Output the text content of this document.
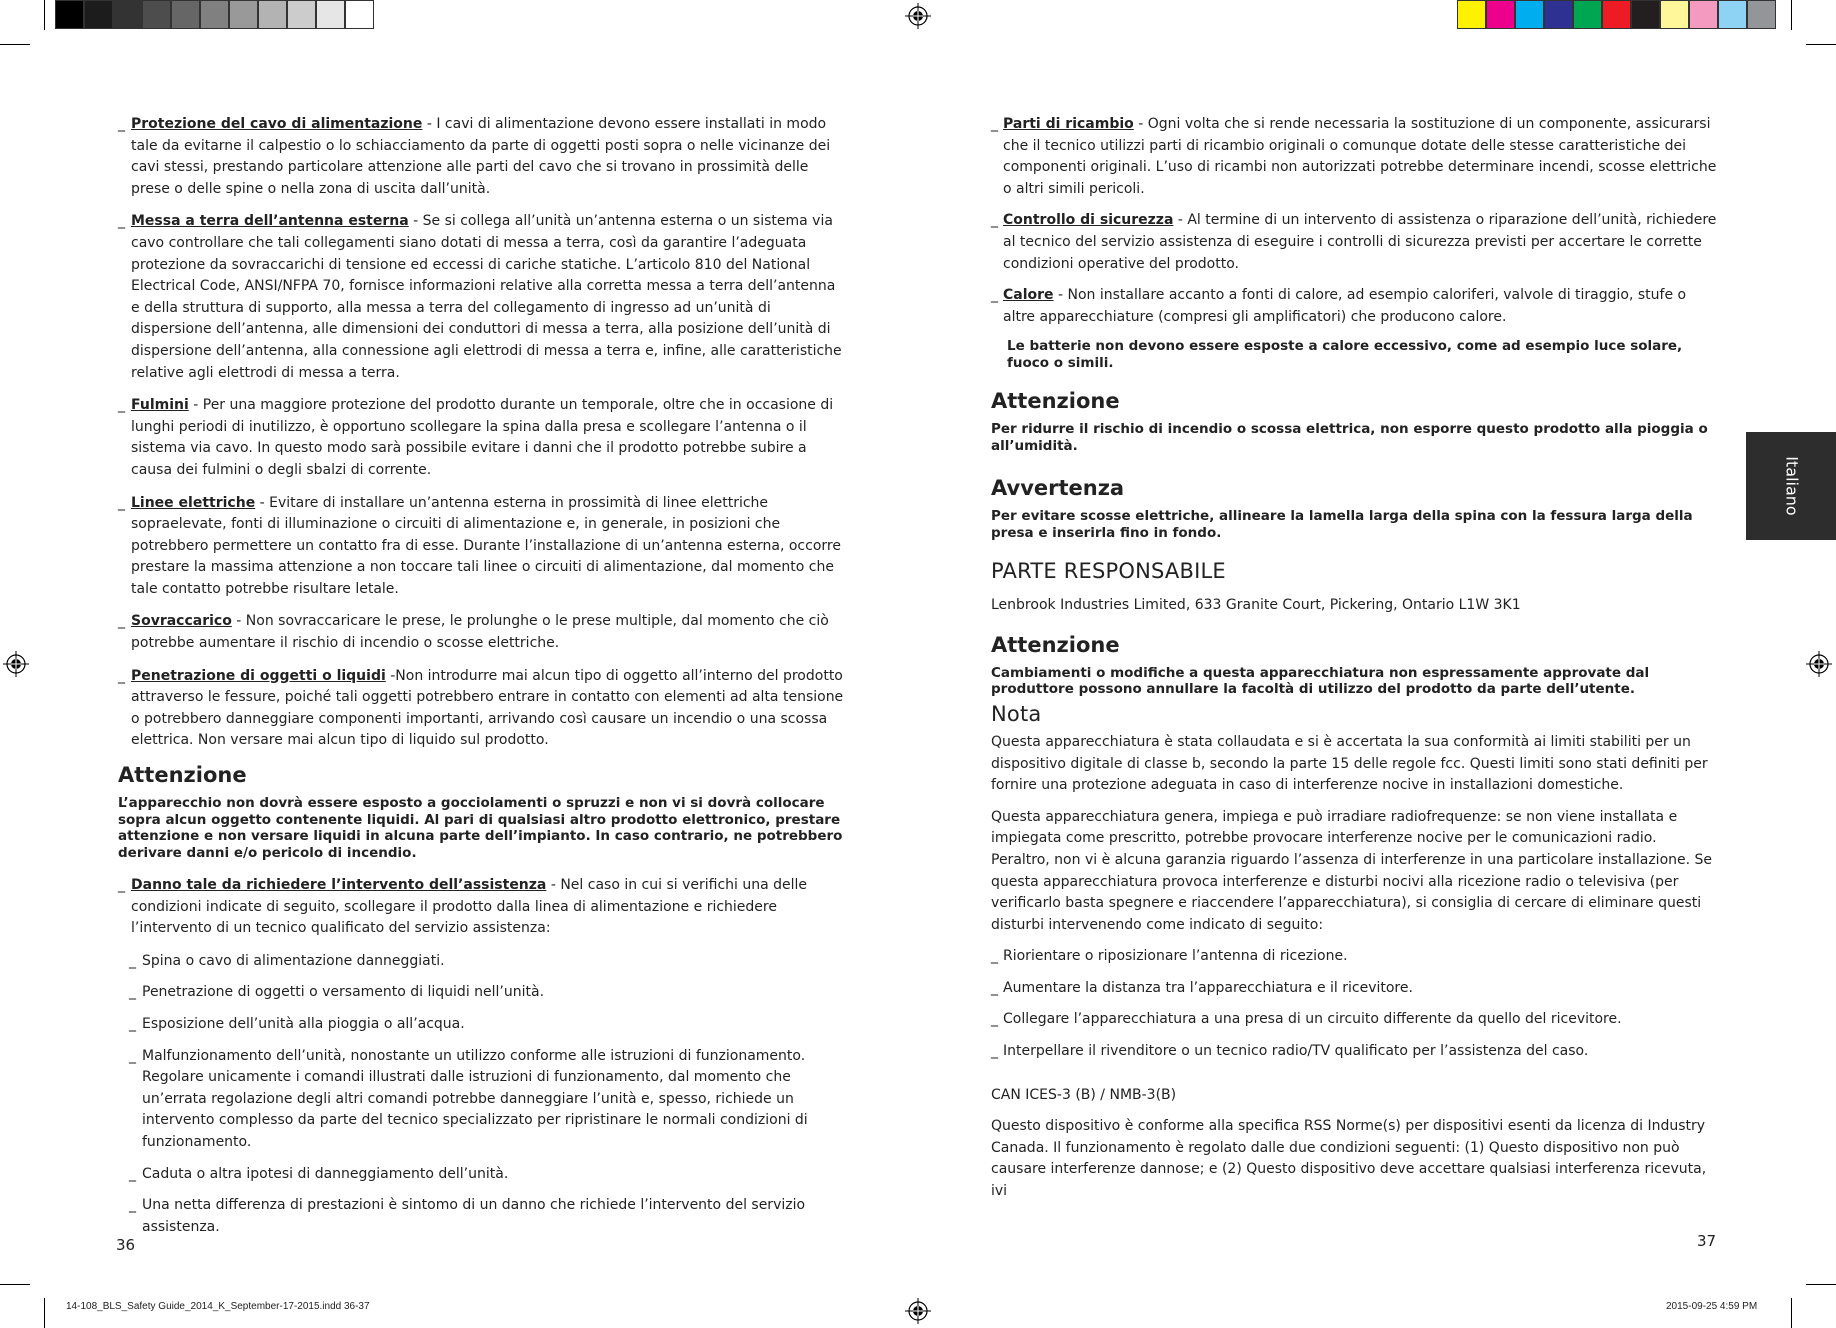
_ Protezione del cavo di alimentazione - I cavi di alimentazione devono essere installati in modo tale da evitarne il calpestio o lo schiacciamento da parte di oggetti posti sopra o nelle vicinanze dei cavi stessi, prestando particolare attenzione alle parti del cavo che si trovano in prossimità delle prese o delle spine o nella zona di uscita dall’unità.

_ Messa a terra dell’antenna esterna - Se si collega all’unità un’antenna esterna o un sistema via cavo controllare che tali collegamenti siano dotati di messa a terra, così da garantire l’adeguata protezione da sovraccarichi di tensione ed eccessi di cariche statiche. L’articolo 810 del National Electrical Code, ANSI/NFPA 70, fornisce informazioni relative alla corretta messa a terra dell’antenna e della struttura di supporto, alla messa a terra del collegamento di ingresso ad un’unità di dispersione dell’antenna, alle dimensioni dei conduttori di messa a terra, alla posizione dell’unità di dispersione dell’antenna, alla connessione agli elettrodi di messa a terra e, infine, alle caratteristiche relative agli elettrodi di messa a terra.

_ Fulmini - Per una maggiore protezione del prodotto durante un temporale, oltre che in occasione di lunghi periodi di inutilizzo, è opportuno scollegare la spina dalla presa e scollegare l’antenna o il sistema via cavo. In questo modo sarà possibile evitare i danni che il prodotto potrebbe subire a causa dei fulmini o degli sbalzi di corrente.

_ Linee elettriche - Evitare di installare un’antenna esterna in prossimità di linee elettriche sopraelevate, fonti di illuminazione o circuiti di alimentazione e, in generale, in posizioni che potrebbero permettere un contatto fra di esse. Durante l’installazione di un’antenna esterna, occorre prestare la massima attenzione a non toccare tali linee o circuiti di alimentazione, dal momento che tale contatto potrebbe risultare letale.

_ Sovraccarico - Non sovraccaricare le prese, le prolunghe o le prese multiple, dal momento che ciò potrebbe aumentare il rischio di incendio o scosse elettriche.

_ Penetrazione di oggetti o liquidi -Non introdurre mai alcun tipo di oggetto all’interno del prodotto attraverso le fessure, poiché tali oggetti potrebbero entrare in contatto con elementi ad alta tensione o potrebbero danneggiare componenti importanti, arrivando così causare un incendio o una scossa elettrica. Non versare mai alcun tipo di liquido sul prodotto.

Attenzione

L’apparecchio non dovrà essere esposto a gocciolamenti o spruzzi e non vi si dovrà collocare sopra alcun oggetto contenente liquidi. Al pari di qualsiasi altro prodotto elettronico, prestare attenzione e non versare liquidi in alcuna parte dell’impianto. In caso contrario, ne potrebbero derivare danni e/o pericolo di incendio.

_ Danno tale da richiedere l’intervento dell’assistenza - Nel caso in cui si verifichi una delle condizioni indicate di seguito, scollegare il prodotto dalla linea di alimentazione e richiedere l’intervento di un tecnico qualificato del servizio assistenza:

_ Spina o cavo di alimentazione danneggiati.

_ Penetrazione di oggetti o versamento di liquidi nell’unità.

_ Esposizione dell’unità alla pioggia o all’acqua.

_ Malfunzionamento dell’unità, nonostante un utilizzo conforme alle istruzioni di funzionamento. Regolare unicamente i comandi illustrati dalle istruzioni di funzionamento, dal momento che un’errata regolazione degli altri comandi potrebbe danneggiare l’unità e, spesso, richiede un intervento complesso da parte del tecnico specializzato per ripristinare le normali condizioni di funzionamento.

_ Caduta o altra ipotesi di danneggiamento dell’unità.

_ Una netta differenza di prestazioni è sintomo di un danno che richiede l’intervento del servizio assistenza.

36

_ Parti di ricambio - Ogni volta che si rende necessaria la sostituzione di un componente, assicurarsi che il tecnico utilizzi parti di ricambio originali o comunque dotate delle stesse caratteristiche dei componenti originali. L’uso di ricambi non autorizzati potrebbe determinare incendi, scosse elettriche o altri simili pericoli.

_ Controllo di sicurezza - Al termine di un intervento di assistenza o riparazione dell’unità, richiedere al tecnico del servizio assistenza di eseguire i controlli di sicurezza previsti per accertare le corrette condizioni operative del prodotto.

_ Calore - Non installare accanto a fonti di calore, ad esempio caloriferi, valvole di tiraggio, stufe o altre apparecchiature (compresi gli amplificatori) che producono calore.

Le batterie non devono essere esposte a calore eccessivo, come ad esempio luce solare, fuoco o simili.

Attenzione

Per ridurre il rischio di incendio o scossa elettrica, non esporre questo prodotto alla pioggia o all’umidità.

Avvertenza

Per evitare scosse elettriche, allineare la lamella larga della spina con la fessura larga della presa e inserirla fino in fondo.

PARTE RESPONSABILE

Lenbrook Industries Limited, 633 Granite Court, Pickering, Ontario L1W 3K1

Attenzione

Cambiamenti o modifiche a questa apparecchiatura non espressamente approvate dal produttore possono annullare la facoltà di utilizzo del prodotto da parte dell’utente.

Nota

Questa apparecchiatura è stata collaudata e si è accertata la sua conformità ai limiti stabiliti per un dispositivo digitale di classe b, secondo la parte 15 delle regole fcc. Questi limiti sono stati definiti per fornire una protezione adeguata in caso di interferenze nocive in installazioni domestiche.

Questa apparecchiatura genera, impiega e può irradiare radiofrequenze: se non viene installata e impiegata come prescritto, potrebbe provocare interferenze nocive per le comunicazioni radio. Peraltro, non vi è alcuna garanzia riguardo l’assenza di interferenze in una particolare installazione. Se questa apparecchiatura provoca interferenze e disturbi nocivi alla ricezione radio o televisiva (per verificarlo basta spegnere e riaccendere l’apparecchiatura), si consiglia di cercare di eliminare questi disturbi intervenendo come indicato di seguito:

_ Riorientare o riposizionare l’antenna di ricezione.

_ Aumentare la distanza tra l’apparecchiatura e il ricevitore.

_ Collegare l’apparecchiatura a una presa di un circuito differente da quello del ricevitore.

_ Interpellare il rivenditore o un tecnico radio/TV qualificato per l’assistenza del caso.

CAN ICES-3 (B) / NMB-3(B)

Questo dispositivo è conforme alla specifica RSS Norme(s) per dispositivi esenti da licenza di Industry Canada. Il funzionamento è regolato dalle due condizioni seguenti: (1) Questo dispositivo non può causare interferenze dannose; e (2) Questo dispositivo deve accettare qualsiasi interferenza ricevuta, ivi

37
Italiano
14-108_BLS_Safety Guide_2014_K_September-17-2015.indd 36-37	2015-09-25 4:59 PM
